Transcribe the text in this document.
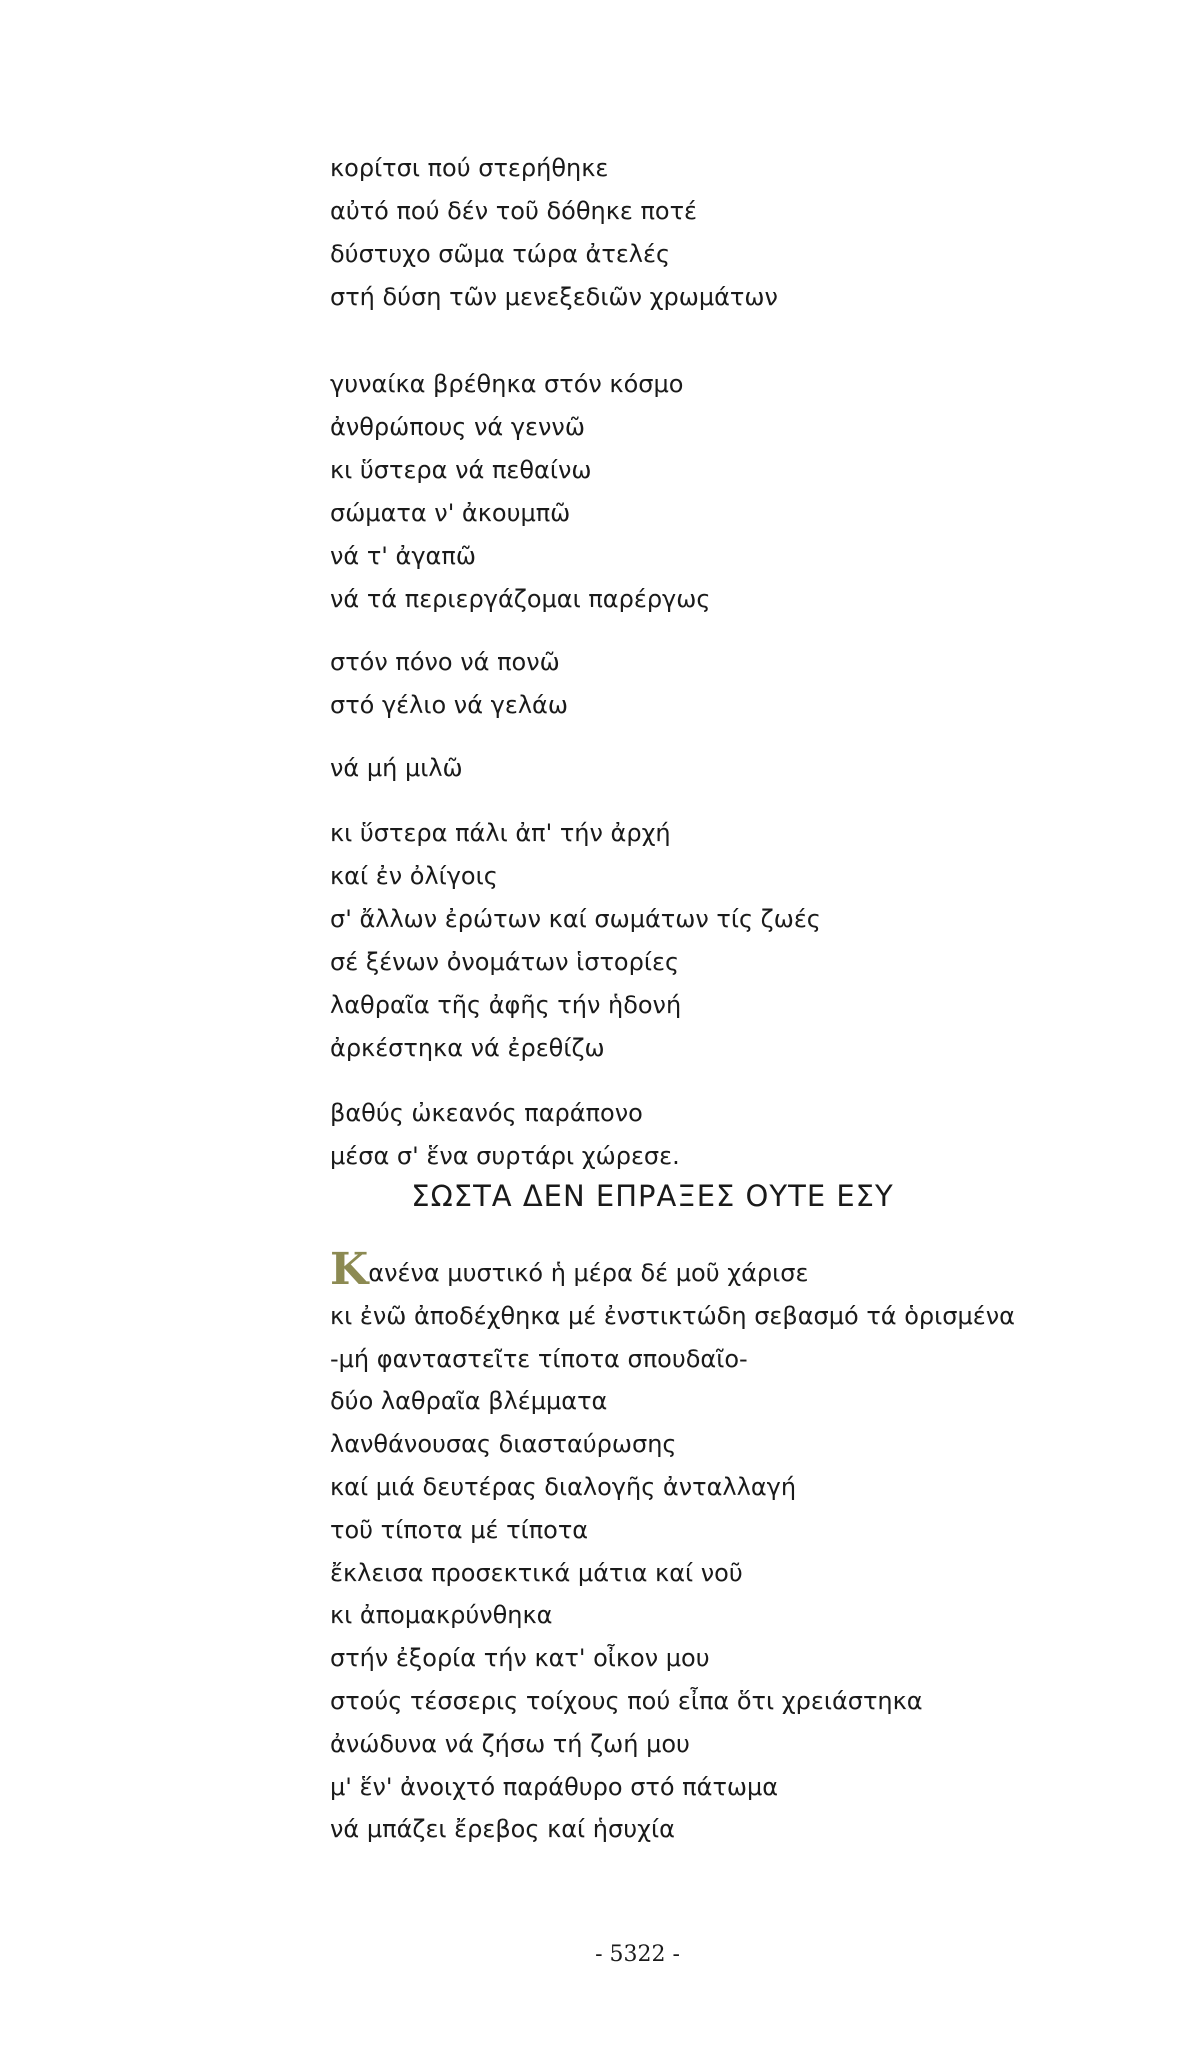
κορίτσι πού στερήθηκε
αὐτό πού δέν τοῦ δόθηκε ποτέ
δύστυχο σῶμα τώρα ἀτελές
στή δύση τῶν μενεξεδιῶν χρωμάτων
γυναίκα βρέθηκα στόν κόσμο
ἀνθρώπους νά γεννῶ
κι ὕστερα νά πεθαίνω
σώματα ν' ἀκουμπῶ
νά τ' ἀγαπῶ
νά τά περιεργάζομαι παρέργως
στόν πόνο νά πονῶ
στό γέλιο νά γελάω
νά μή μιλῶ
κι ὕστερα πάλι ἀπ' τήν ἀρχή
καί ἐν ὀλίγοις
σ' ἄλλων ἐρώτων καί σωμάτων τίς ζωές
σέ ξένων ὀνομάτων ἱστορίες
λαθραῖα τῆς ἀφῆς τήν ἡδονή
ἀρκέστηκα νά ἐρεθίζω
βαθύς ὠκεανός παράπονο
μέσα σ' ἕνα συρτάρι χώρεσε.
ΣΩΣΤΑ ΔΕΝ ΕΠΡΑΞΕΣ ΟΥΤΕ ΕΣΥ
Κανένα μυστικό ἡ μέρα δέ μοῦ χάρισε
κι ἐνῶ ἀποδέχθηκα μέ ἐνστικτώδη σεβασμό τά ὁρισμένα
-μή φανταστεῖτε τίποτα σπουδαῖο-
δύο λαθραῖα βλέμματα
λανθάνουσας διασταύρωσης
καί μιά δευτέρας διαλογῆς ἀνταλλαγή
τοῦ τίποτα μέ τίποτα
ἔκλεισα προσεκτικά μάτια καί νοῦ
κι ἀπομακρύνθηκα
στήν ἐξορία τήν κατ' οἶκον μου
στούς τέσσερις τοίχους πού εἶπα ὅτι χρειάστηκα
ἀνώδυνα νά ζήσω τή ζωή μου
μ' ἕν' ἀνοιχτό παράθυρο στό πάτωμα
νά μπάζει ἔρεβος καί ἡσυχία
- 5322 -
